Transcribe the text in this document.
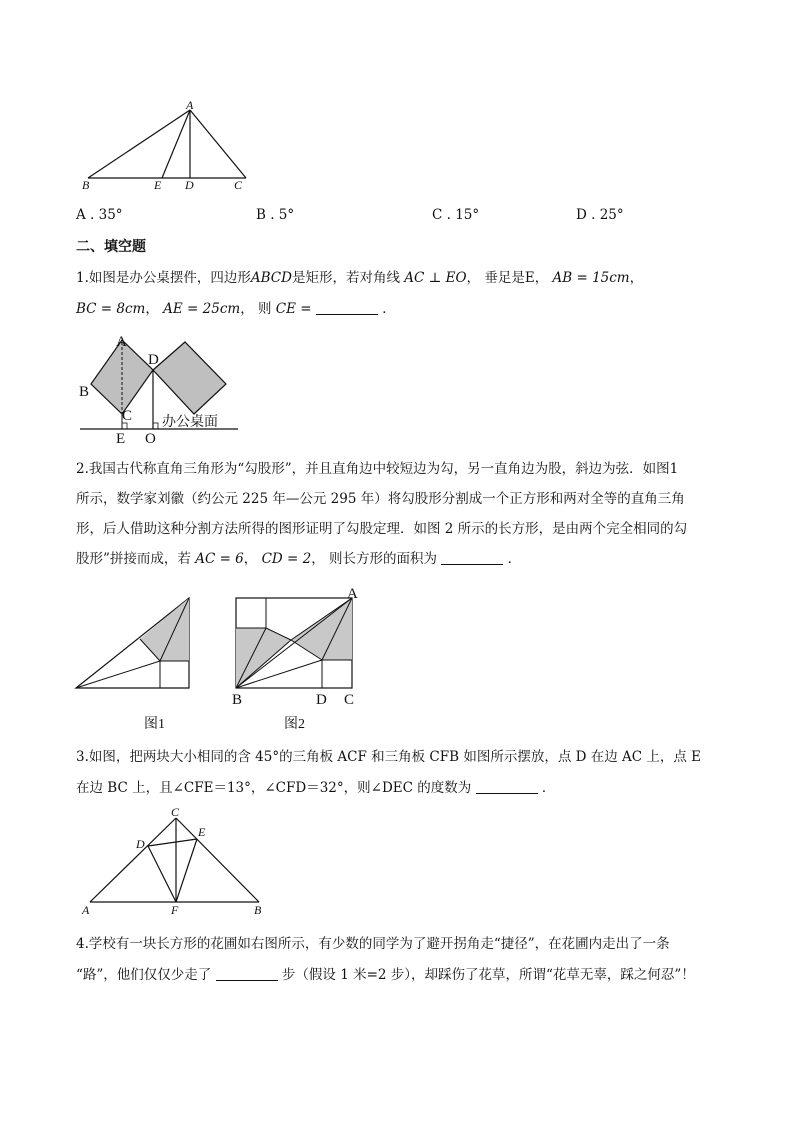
A
B	E D	C
A . 35°	B . 5°	C . 15°	D . 25°
二、填空题
1.如图是办公桌摆件，四边形ABCD是矩形，若对角线 AC ⊥ EO， 垂足是E， AB = 15cm，
BC = 8cm， AE = 25cm， 则 CE =	．
A
B
C
D
E O
办公桌面
2.我国古代称直角三角形为“勾股形”，并且直角边中较短边为勾，另一直角边为股，斜边为弦．如图1
所示，数学家刘徽（约公元 225 年—公元 295 年）将勾股形分割成一个正方形和两对全等的直角三角
形，后人借助这种分割方法所得的图形证明了勾股定理．如图 2 所示的长方形，是由两个完全相同的勾
股形”拼接而成，若 AC = 6， CD = 2， 则长方形的面积为	．
图1
A
B	D C
图2
3.如图，把两块大小相同的含 45°的三角板 ACF 和三角板 CFB 如图所示摆放，点 D 在边 AC 上，点 E
在边 BC 上，且∠CFE＝13°，∠CFD＝32°，则∠DEC 的度数为	．
C
D
E
A	F	B
4.学校有一块长方形的花圃如右图所示，有少数的同学为了避开拐角走“捷径”，在花圃内走出了一条
“路”，他们仅仅少走了	步（假设 1 米=2 步），却踩伤了花草，所谓“花草无辜，踩之何忍”！
